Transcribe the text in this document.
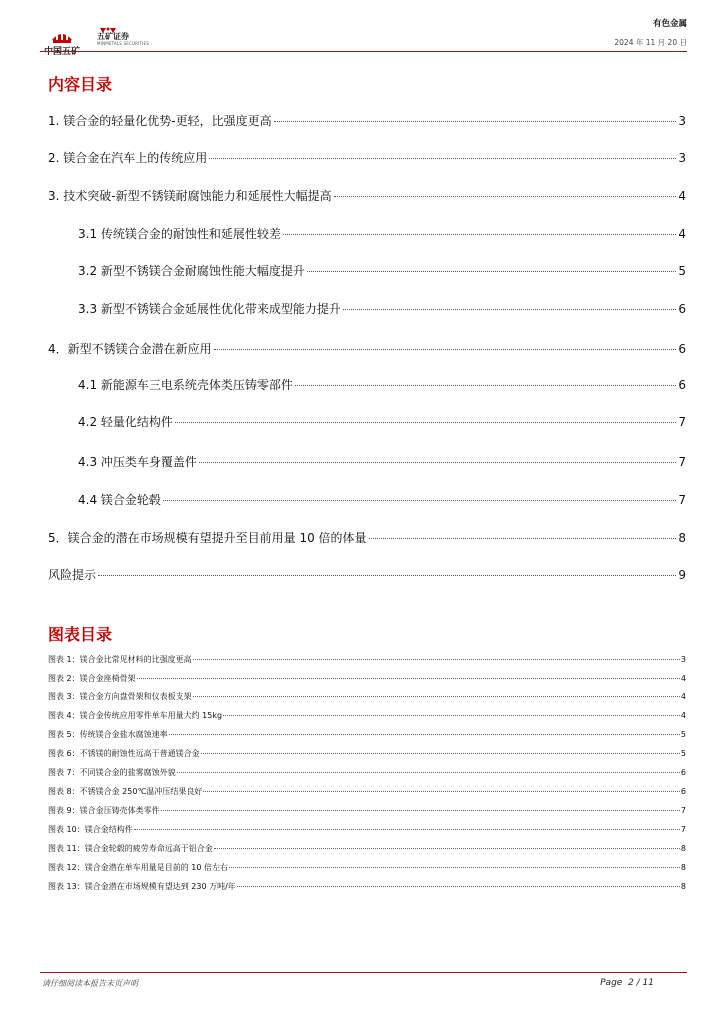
中国五矿
五矿证券
MINMETALS SECURITIES
有色金属
2024 年 11 月 20 日
内容目录
1. 镁合金的轻量化优势-更轻，比强度更高	3
2. 镁合金在汽车上的传统应用	3
3. 技术突破-新型不锈镁耐腐蚀能力和延展性大幅提高	4
3.1 传统镁合金的耐蚀性和延展性较差	4
3.2 新型不锈镁合金耐腐蚀性能大幅度提升	5
3.3 新型不锈镁合金延展性优化带来成型能力提升	6
4．新型不锈镁合金潜在新应用	6
4.1 新能源车三电系统壳体类压铸零部件	6
4.2 轻量化结构件	7
4.3 冲压类车身覆盖件	7
4.4 镁合金轮毂	7
5．镁合金的潜在市场规模有望提升至目前用量 10 倍的体量	8
风险提示	9
图表目录
图表 1：镁合金比常见材料的比强度更高	3
图表 2：镁合金座椅骨架	4
图表 3：镁合金方向盘骨架和仪表板支架	4
图表 4：镁合金传统应用零件单车用量大约 15kg	4
图表 5：传统镁合金盐水腐蚀速率	5
图表 6：不锈镁的耐蚀性远高于普通镁合金	5
图表 7：不同镁合金的盐雾腐蚀外貌	6
图表 8：不锈镁合金 250℃温冲压结果良好	6
图表 9：镁合金压铸壳体类零件	7
图表 10：镁合金结构件	7
图表 11：镁合金轮毂的疲劳寿命远高于铝合金	8
图表 12：镁合金潜在单车用量是目前的 10 倍左右	8
图表 13：镁合金潜在市场规模有望达到 230 万吨/年	8
请仔细阅读本报告末页声明	Page 2 / 11
